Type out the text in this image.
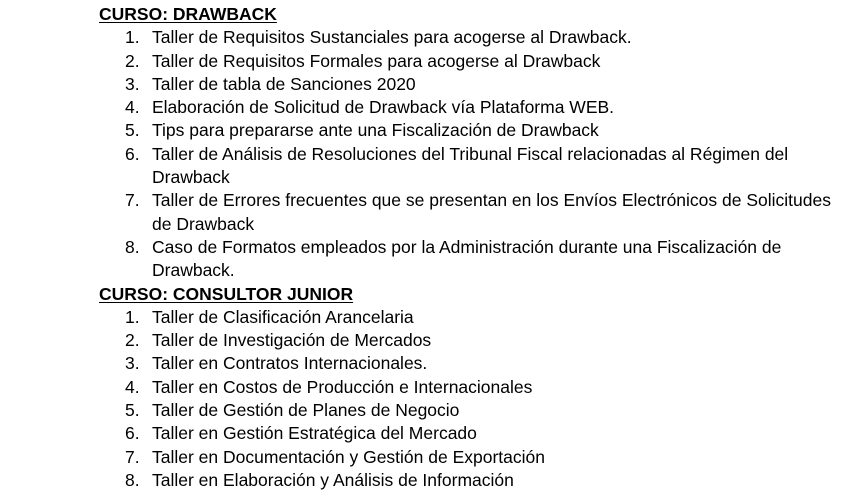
CURSO: DRAWBACK
1. Taller de Requisitos Sustanciales para acogerse al Drawback.
2. Taller de Requisitos Formales para acogerse al Drawback
3. Taller de tabla de Sanciones 2020
4. Elaboración de Solicitud de Drawback vía Plataforma WEB.
5. Tips para prepararse ante una Fiscalización de Drawback
6. Taller de Análisis de Resoluciones del Tribunal Fiscal relacionadas al Régimen del Drawback
7. Taller de Errores frecuentes que se presentan en los Envíos Electrónicos de Solicitudes de Drawback
8. Caso de Formatos empleados por la Administración durante una Fiscalización de Drawback.
CURSO: CONSULTOR JUNIOR
1. Taller de Clasificación Arancelaria
2. Taller de Investigación de Mercados
3. Taller en Contratos Internacionales.
4. Taller en Costos de Producción e Internacionales
5. Taller de Gestión de Planes de Negocio
6. Taller en Gestión Estratégica del Mercado
7. Taller en Documentación y Gestión de Exportación
8. Taller en Elaboración y Análisis de Información
